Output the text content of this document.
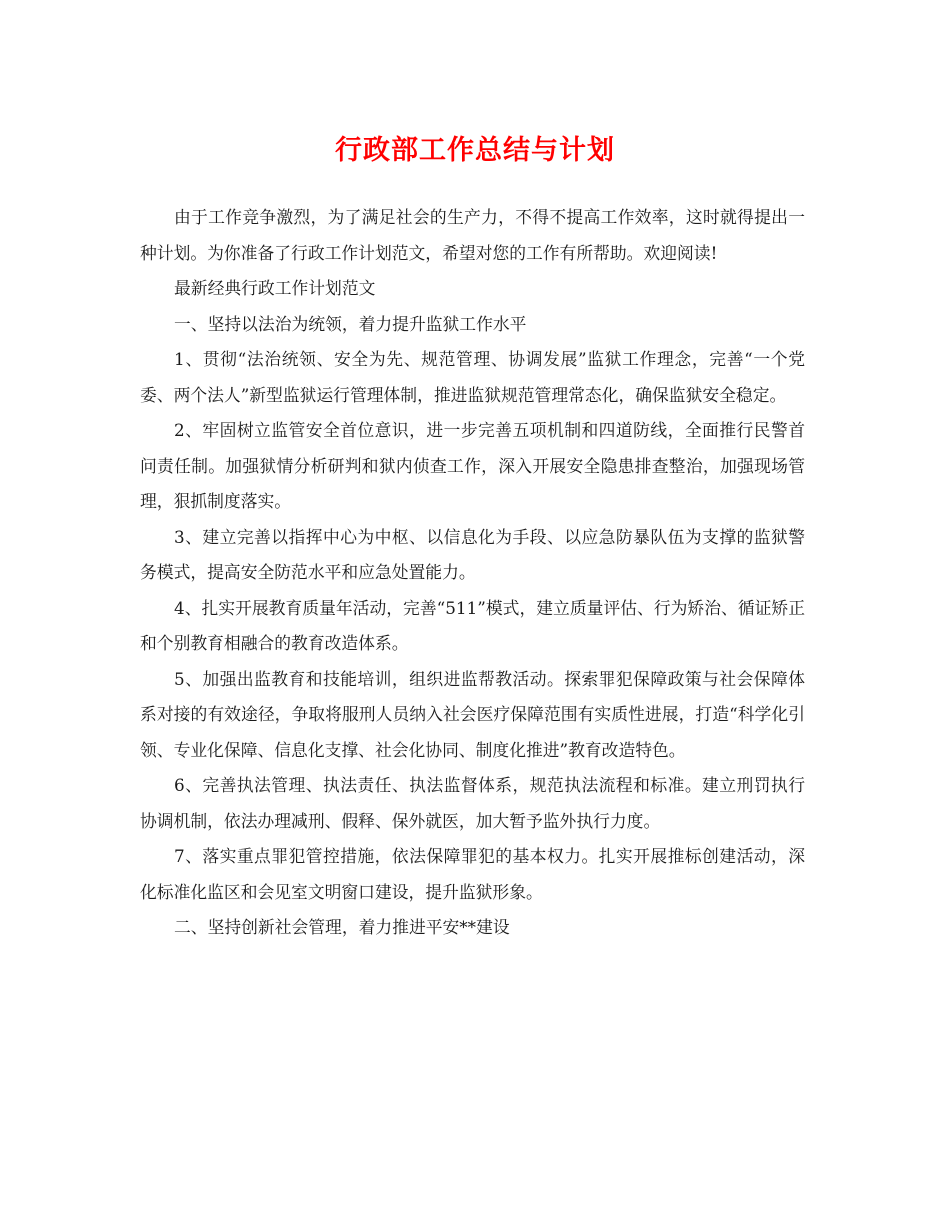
行政部工作总结与计划

由于工作竞争激烈，为了满足社会的生产力，不得不提高工作效率，这时就得提出一种计划。为你准备了行政工作计划范文，希望对您的工作有所帮助。欢迎阅读!

最新经典行政工作计划范文

一、坚持以法治为统领，着力提升监狱工作水平

1、贯彻“法治统领、安全为先、规范管理、协调发展”监狱工作理念，完善“一个党委、两个法人”新型监狱运行管理体制，推进监狱规范管理常态化，确保监狱安全稳定。

2、牢固树立监管安全首位意识，进一步完善五项机制和四道防线，全面推行民警首问责任制。加强狱情分析研判和狱内侦查工作，深入开展安全隐患排查整治，加强现场管理，狠抓制度落实。

3、建立完善以指挥中心为中枢、以信息化为手段、以应急防暴队伍为支撑的监狱警务模式，提高安全防范水平和应急处置能力。

4、扎实开展教育质量年活动，完善“511”模式，建立质量评估、行为矫治、循证矫正和个别教育相融合的教育改造体系。

5、加强出监教育和技能培训，组织进监帮教活动。探索罪犯保障政策与社会保障体系对接的有效途径，争取将服刑人员纳入社会医疗保障范围有实质性进展，打造“科学化引领、专业化保障、信息化支撑、社会化协同、制度化推进”教育改造特色。

6、完善执法管理、执法责任、执法监督体系，规范执法流程和标准。建立刑罚执行协调机制，依法办理减刑、假释、保外就医，加大暂予监外执行力度。

7、落实重点罪犯管控措施，依法保障罪犯的基本权力。扎实开展推标创建活动，深化标准化监区和会见室文明窗口建设，提升监狱形象。

二、坚持创新社会管理，着力推进平安**建设
